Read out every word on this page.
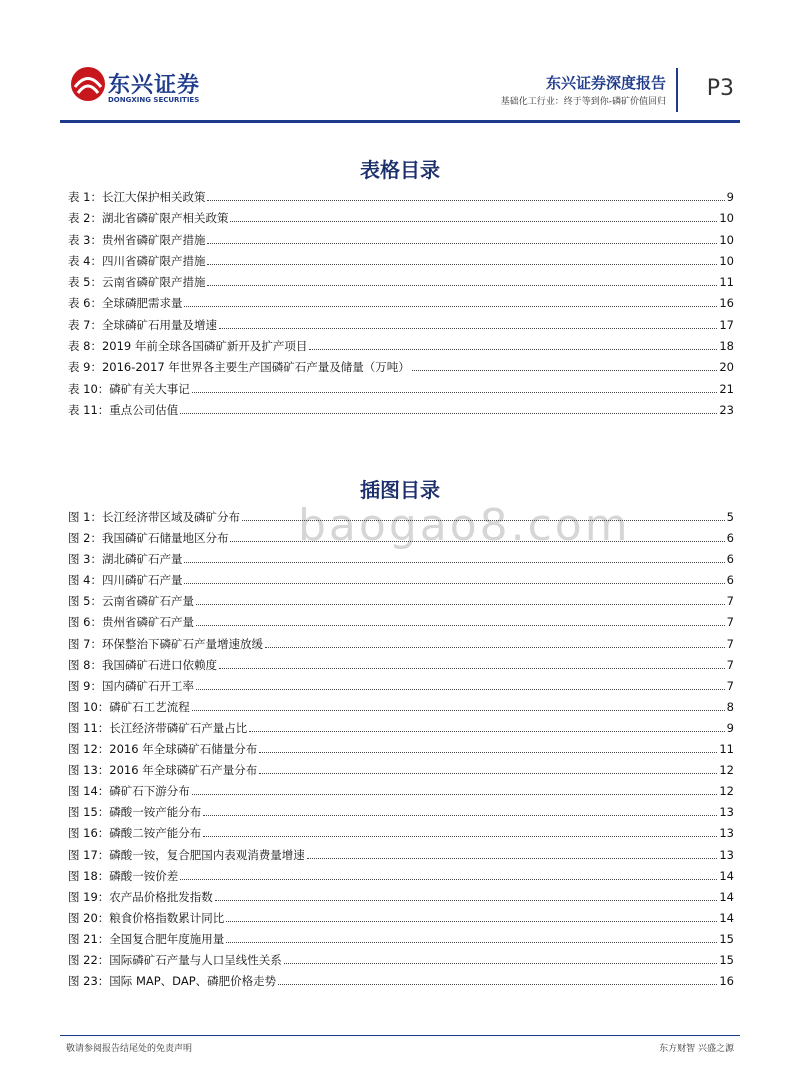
东兴证券
DONGXING SECURITIES
东兴证券深度报告
基础化工行业：终于等到你-磷矿价值回归
P3
baogao8.com
表格目录
表 1：长江大保护相关政策	9
表 2：湖北省磷矿限产相关政策	10
表 3：贵州省磷矿限产措施	10
表 4：四川省磷矿限产措施	10
表 5：云南省磷矿限产措施	11
表 6：全球磷肥需求量	16
表 7：全球磷矿石用量及增速	17
表 8：2019 年前全球各国磷矿新开及扩产项目	18
表 9：2016-2017 年世界各主要生产国磷矿石产量及储量（万吨）	20
表 10：磷矿有关大事记	21
表 11：重点公司估值	23
插图目录
图 1：长江经济带区域及磷矿分布	5
图 2：我国磷矿石储量地区分布	6
图 3：湖北磷矿石产量	6
图 4：四川磷矿石产量	6
图 5：云南省磷矿石产量	7
图 6：贵州省磷矿石产量	7
图 7：环保整治下磷矿石产量增速放缓	7
图 8：我国磷矿石进口依赖度	7
图 9：国内磷矿石开工率	7
图 10：磷矿石工艺流程	8
图 11：长江经济带磷矿石产量占比	9
图 12：2016 年全球磷矿石储量分布	11
图 13：2016 年全球磷矿石产量分布	12
图 14：磷矿石下游分布	12
图 15：磷酸一铵产能分布	13
图 16：磷酸二铵产能分布	13
图 17：磷酸一铵，复合肥国内表观消费量增速	13
图 18：磷酸一铵价差	14
图 19：农产品价格批发指数	14
图 20：粮食价格指数累计同比	14
图 21：全国复合肥年度施用量	15
图 22：国际磷矿石产量与人口呈线性关系	15
图 23：国际 MAP、DAP、磷肥价格走势	16
敬请参阅报告结尾处的免责声明	东方财智 兴盛之源
